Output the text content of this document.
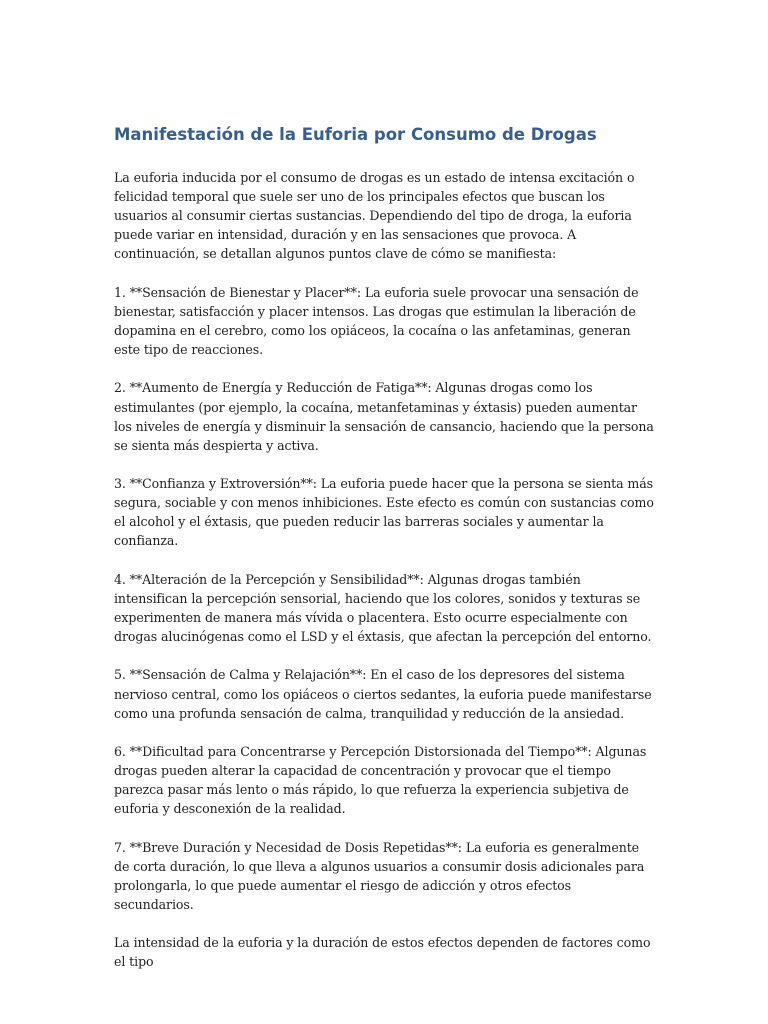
Manifestación de la Euforia por Consumo de Drogas

La euforia inducida por el consumo de drogas es un estado de intensa excitación o felicidad temporal que suele ser uno de los principales efectos que buscan los usuarios al consumir ciertas sustancias. Dependiendo del tipo de droga, la euforia puede variar en intensidad, duración y en las sensaciones que provoca. A continuación, se detallan algunos puntos clave de cómo se manifiesta:

1. **Sensación de Bienestar y Placer**: La euforia suele provocar una sensación de bienestar, satisfacción y placer intensos. Las drogas que estimulan la liberación de dopamina en el cerebro, como los opiáceos, la cocaína o las anfetaminas, generan este tipo de reacciones.

2. **Aumento de Energía y Reducción de Fatiga**: Algunas drogas como los estimulantes (por ejemplo, la cocaína, metanfetaminas y éxtasis) pueden aumentar los niveles de energía y disminuir la sensación de cansancio, haciendo que la persona se sienta más despierta y activa.

3. **Confianza y Extroversión**: La euforia puede hacer que la persona se sienta más segura, sociable y con menos inhibiciones. Este efecto es común con sustancias como el alcohol y el éxtasis, que pueden reducir las barreras sociales y aumentar la confianza.

4. **Alteración de la Percepción y Sensibilidad**: Algunas drogas también intensifican la percepción sensorial, haciendo que los colores, sonidos y texturas se experimenten de manera más vívida o placentera. Esto ocurre especialmente con drogas alucinógenas como el LSD y el éxtasis, que afectan la percepción del entorno.

5. **Sensación de Calma y Relajación**: En el caso de los depresores del sistema nervioso central, como los opiáceos o ciertos sedantes, la euforia puede manifestarse como una profunda sensación de calma, tranquilidad y reducción de la ansiedad.

6. **Dificultad para Concentrarse y Percepción Distorsionada del Tiempo**: Algunas drogas pueden alterar la capacidad de concentración y provocar que el tiempo parezca pasar más lento o más rápido, lo que refuerza la experiencia subjetiva de euforia y desconexión de la realidad.

7. **Breve Duración y Necesidad de Dosis Repetidas**: La euforia es generalmente de corta duración, lo que lleva a algunos usuarios a consumir dosis adicionales para prolongarla, lo que puede aumentar el riesgo de adicción y otros efectos secundarios.

La intensidad de la euforia y la duración de estos efectos dependen de factores como el tipo
